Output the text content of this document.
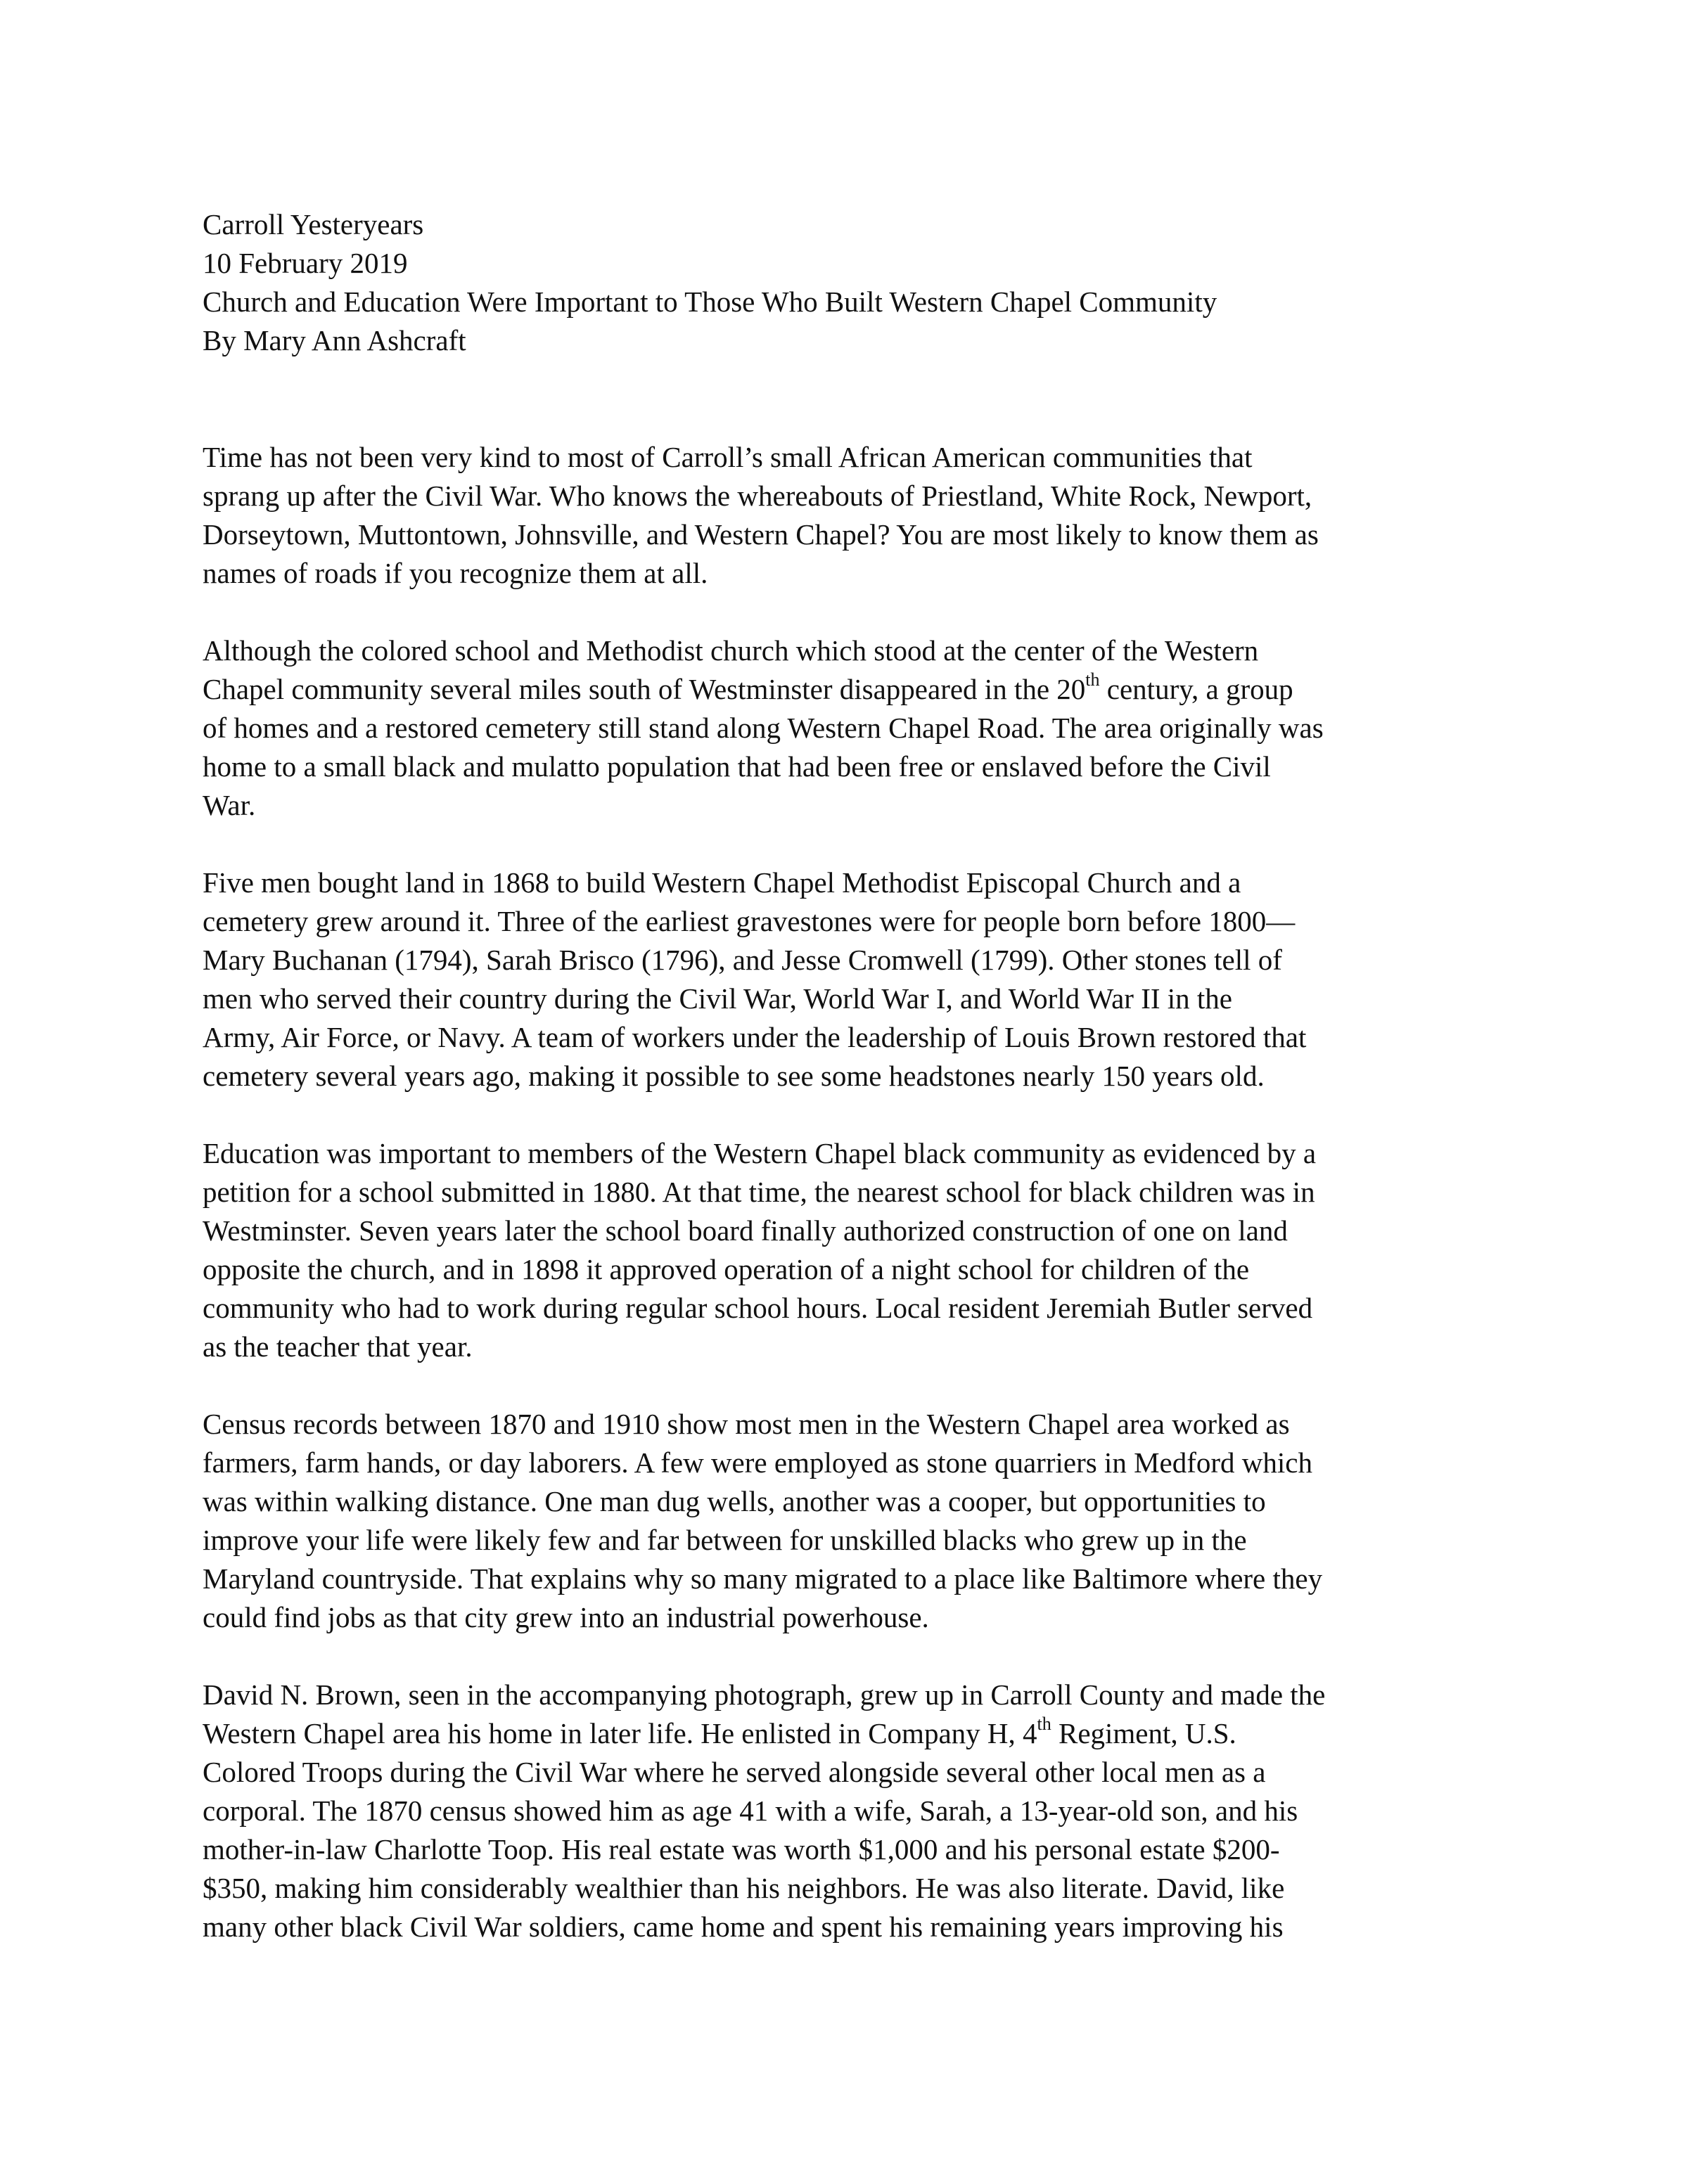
Carroll Yesteryears
10 February 2019
Church and Education Were Important to Those Who Built Western Chapel Community
By Mary Ann Ashcraft

Time has not been very kind to most of Carroll’s small African American communities that
sprang up after the Civil War. Who knows the whereabouts of Priestland, White Rock, Newport,
Dorseytown, Muttontown, Johnsville, and Western Chapel? You are most likely to know them as
names of roads if you recognize them at all.

Although the colored school and Methodist church which stood at the center of the Western
Chapel community several miles south of Westminster disappeared in the 20th century, a group
of homes and a restored cemetery still stand along Western Chapel Road. The area originally was
home to a small black and mulatto population that had been free or enslaved before the Civil
War.

Five men bought land in 1868 to build Western Chapel Methodist Episcopal Church and a
cemetery grew around it. Three of the earliest gravestones were for people born before 1800—
Mary Buchanan (1794), Sarah Brisco (1796), and Jesse Cromwell (1799). Other stones tell of
men who served their country during the Civil War, World War I, and World War II in the
Army, Air Force, or Navy. A team of workers under the leadership of Louis Brown restored that
cemetery several years ago, making it possible to see some headstones nearly 150 years old.

Education was important to members of the Western Chapel black community as evidenced by a
petition for a school submitted in 1880. At that time, the nearest school for black children was in
Westminster. Seven years later the school board finally authorized construction of one on land
opposite the church, and in 1898 it approved operation of a night school for children of the
community who had to work during regular school hours. Local resident Jeremiah Butler served
as the teacher that year.

Census records between 1870 and 1910 show most men in the Western Chapel area worked as
farmers, farm hands, or day laborers. A few were employed as stone quarriers in Medford which
was within walking distance. One man dug wells, another was a cooper, but opportunities to
improve your life were likely few and far between for unskilled blacks who grew up in the
Maryland countryside. That explains why so many migrated to a place like Baltimore where they
could find jobs as that city grew into an industrial powerhouse.

David N. Brown, seen in the accompanying photograph, grew up in Carroll County and made the
Western Chapel area his home in later life. He enlisted in Company H, 4th Regiment, U.S.
Colored Troops during the Civil War where he served alongside several other local men as a
corporal. The 1870 census showed him as age 41 with a wife, Sarah, a 13-year-old son, and his
mother-in-law Charlotte Toop. His real estate was worth $1,000 and his personal estate $200-
$350, making him considerably wealthier than his neighbors. He was also literate. David, like
many other black Civil War soldiers, came home and spent his remaining years improving his
